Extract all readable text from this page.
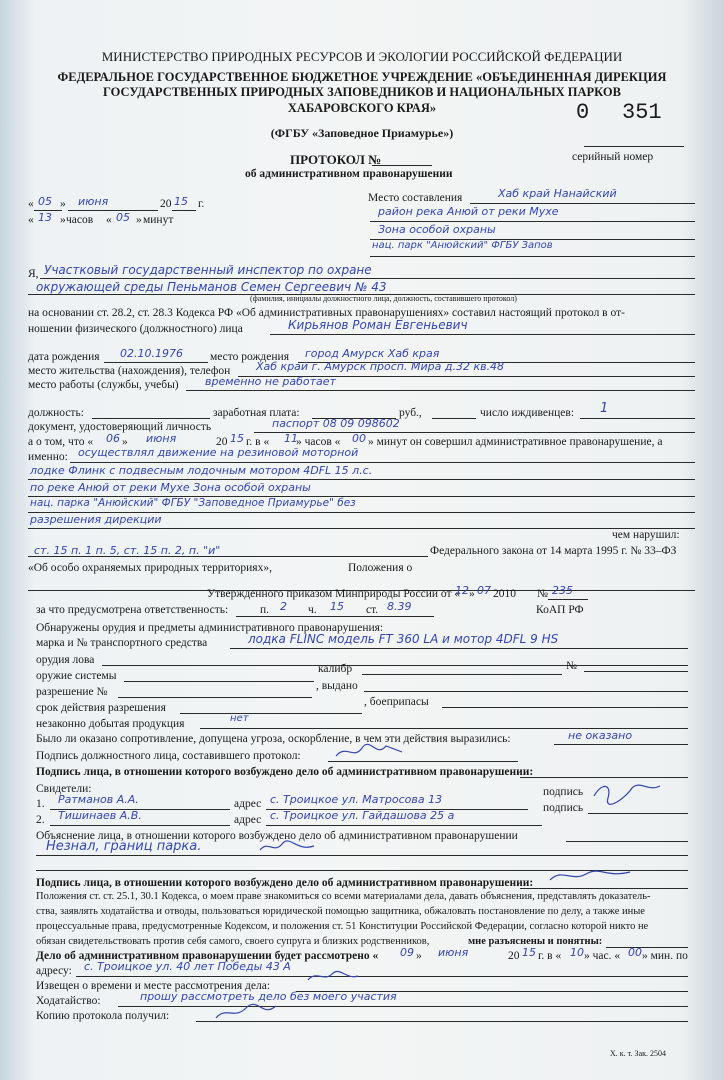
МИНИСТЕРСТВО ПРИРОДНЫХ РЕСУРСОВ И ЭКОЛОГИИ РОССИЙСКОЙ ФЕДЕРАЦИИ
ФЕДЕРАЛЬНОЕ ГОСУДАРСТВЕННОЕ БЮДЖЕТНОЕ УЧРЕЖДЕНИЕ «ОБЪЕДИНЕННАЯ ДИРЕКЦИЯ
ГОСУДАРСТВЕННЫХ ПРИРОДНЫХ ЗАПОВЕДНИКОВ И НАЦИОНАЛЬНЫХ ПАРКОВ
ХАБАРОВСКОГО КРАЯ»
(ФГБУ «Заповедное Приамурье»)
0 351
ПРОТОКОЛ №	серийный номер
об административном правонарушении
« 05 » июня	20 15 г.
« 13 » часов « 05 » минут
Место составления	Хаб край Нанайский
район река Анюй от реки Мухе
Зона особой охраны
нац. парк "Анюйский" ФГБУ Запов
Я, Участковый государственный инспектор по охране
окружающей среды Пеньманов Семен Сергеевич № 43
(фамилия, инициалы должностного лица, должность, составившего протокол)
на основании ст. 28.2, ст. 28.3 Кодекса РФ «Об административных правонарушениях» составил настоящий протокол в от-
ношении физического (должностного) лица	Кирьянов Роман Евгеньевич
дата рождения 02.10.1976 место рождения город Амурск Хаб края
место жительства (нахождения), телефон Хаб край г. Амурск просп. Мира д.32 кв.48
место работы (службы, учебы) временно не работает
должность:	заработная плата:	руб.,	число иждивенцев: 1
документ, удостоверяющий личность	паспорт 08 09 098602
а о том, что « 06 » июня	20 15 г. в « 11
» часов « 00 » минут он совершил административное правонарушение, а
именно: осуществлял движение на резиновой моторной
лодке Флинк с подвесным лодочным мотором 4DFL 15 л.с.
по реке Анюй от реки Мухе Зона особой охраны
нац. парка "Анюйский" ФГБУ "Заповедное Приамурье" без
разрешения дирекции
чем нарушил:
ст. 15 п. 1 п. 5, ст. 15 п. 2, п. "и"	Федерального закона от 14 марта 1995 г. № 33–ФЗ
«Об особо охраняемых природных территориях»,	Положения о
Утвержденного приказом Минприроды России от «
12 » 07 2010 № 235
за что предусмотрена ответственность:	п. 2 ч. 15 ст. 8.39	КоАП РФ
Обнаружены орудия и предметы административного правонарушения:
марка и № транспортного средства	лодка FLINC модель FT 360 LA и мотор 4DFL 9 HS
орудия лова
оружие системы
калибр	№
разрешение №	, выдано
срок действия разрешения	, боеприпасы
незаконно добытая продукция	нет
Было ли оказано сопротивление, допущена угроза, оскорбление, в чем эти действия выразились:	не оказано
Подпись должностного лица, составившего протокол:
Подпись лица, в отношении которого возбуждено дело об административном правонарушении:
Свидетели:
1. Ратманов А.А.	адрес с. Троицкое ул. Матросова 13
подпись
2. Тишинаев А.В.	адрес с. Троицкое ул. Гайдашова 25 а
подпись
Объяснение лица, в отношении которого возбуждено дело об административном правонарушении
Незнал, границ парка.
Подпись лица, в отношении которого возбуждено дело об административном правонарушении:
Положения ст. ст. 25.1, 30.1 Кодекса, о моем праве знакомиться со всеми материалами дела, давать объяснения, представлять доказатель-
ства, заявлять ходатайства и отводы, пользоваться юридической помощью защитника, обжаловать постановление по делу, а также иные
процессуальные права, предусмотренные Кодексом, и положения ст. 51 Конституции Российской Федерации, согласно которой никто не
обязан свидетельствовать против себя самого, своего супруга и близких родственников,	мне разъяснены и понятны:
Дело об административном правонарушении будет рассмотрено « 09 » июня	20 15 г. в « 10 » час. « 00 » мин. по
адресу: с. Троицкое ул. 40 лет Победы 43 А
Извещен о времени и месте рассмотрения дела:
Ходатайство:	прошу рассмотреть дело без моего участия
Копию протокола получил:
Х. к. т. Зак. 2504
